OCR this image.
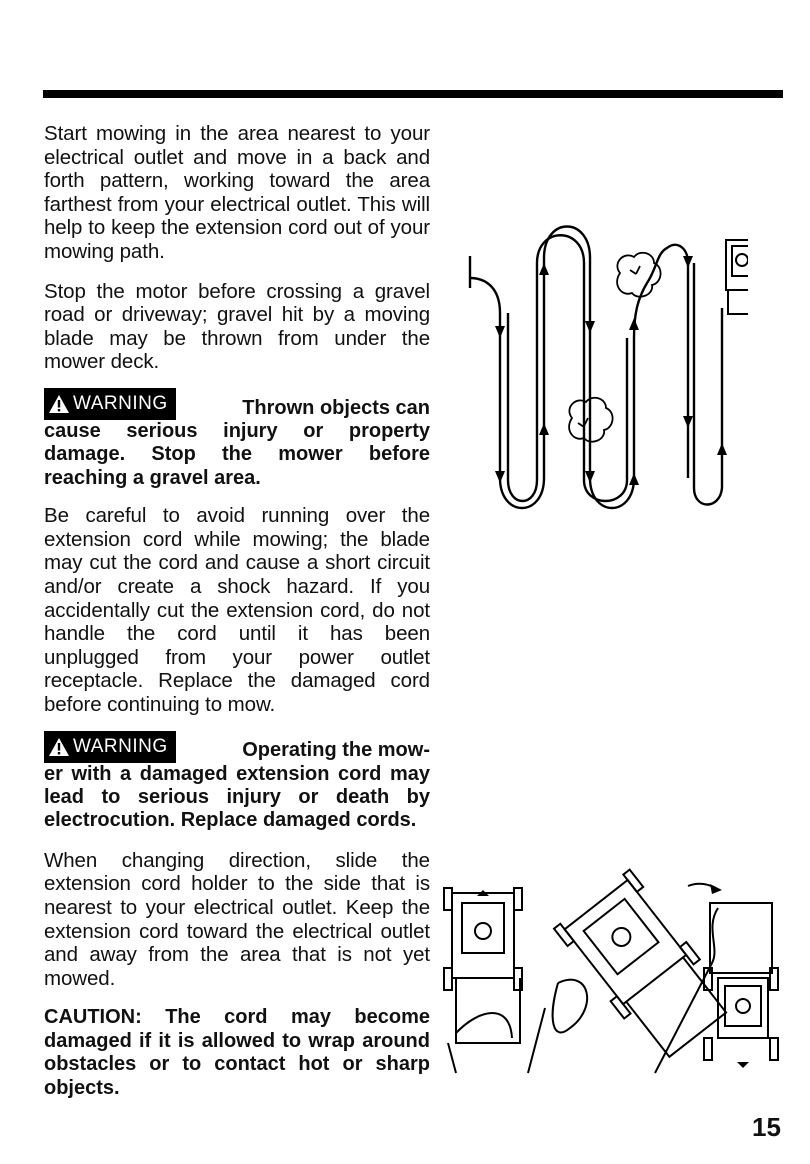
Start mowing in the area nearest to your electrical outlet and move in a back and forth pattern, working toward the area farthest from your electrical outlet. This will help to keep the extension cord out of your mowing path.

Stop the motor before crossing a gravel road or driveway; gravel hit by a moving blade may be thrown from under the mower deck.

WARNING	Thrown objects can

cause serious injury or property damage. Stop the mower before reaching a gravel area.

Be careful to avoid running over the extension cord while mowing; the blade may cut the cord and cause a short circuit and/or create a shock hazard. If you accidentally cut the extension cord, do not handle the cord until it has been unplugged from your power outlet receptacle. Replace the damaged cord before continuing to mow.

WARNING	Operating the mow-

er with a damaged extension cord may lead to serious injury or death by electrocution. Replace damaged cords.

When changing direction, slide the extension cord holder to the side that is nearest to your electrical outlet. Keep the extension cord toward the electrical outlet and away from the area that is not yet mowed.

CAUTION: The cord may become damaged if it is allowed to wrap around obstacles or to contact hot or sharp objects.

15
